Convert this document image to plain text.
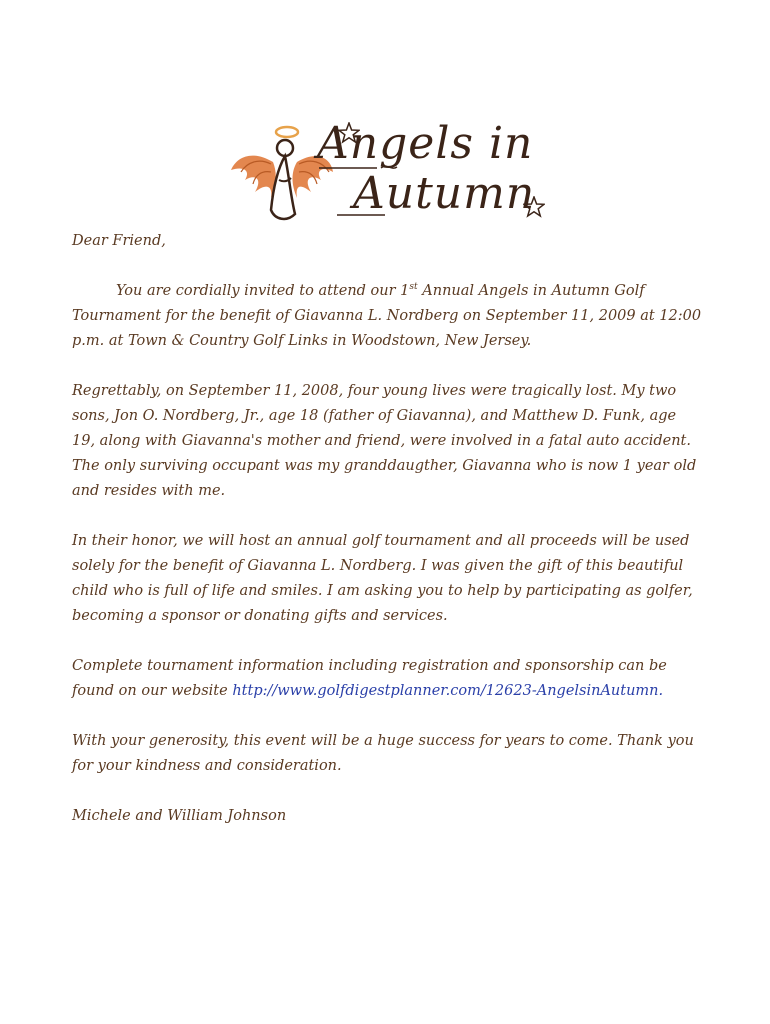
Angels in
Autumn

Dear Friend,

You are cordially invited to attend our 1st Annual Angels in Autumn Golf Tournament for the benefit of Giavanna L. Nordberg on September 11, 2009 at 12:00 p.m. at Town & Country Golf Links in Woodstown, New Jersey.

Regrettably, on September 11, 2008, four young lives were tragically lost. My two sons, Jon O. Nordberg, Jr., age 18 (father of Giavanna), and Matthew D. Funk, age 19, along with Giavanna's mother and friend, were involved in a fatal auto accident. The only surviving occupant was my granddaugther, Giavanna who is now 1 year old and resides with me.

In their honor, we will host an annual golf tournament and all proceeds will be used solely for the benefit of Giavanna L. Nordberg. I was given the gift of this beautiful child who is full of life and smiles. I am asking you to help by participating as golfer, becoming a sponsor or donating gifts and services.

Complete tournament information including registration and sponsorship can be found on our website http://www.golfdigestplanner.com/12623-AngelsinAutumn.

With your generosity, this event will be a huge success for years to come. Thank you for your kindness and consideration.

Michele and William Johnson
